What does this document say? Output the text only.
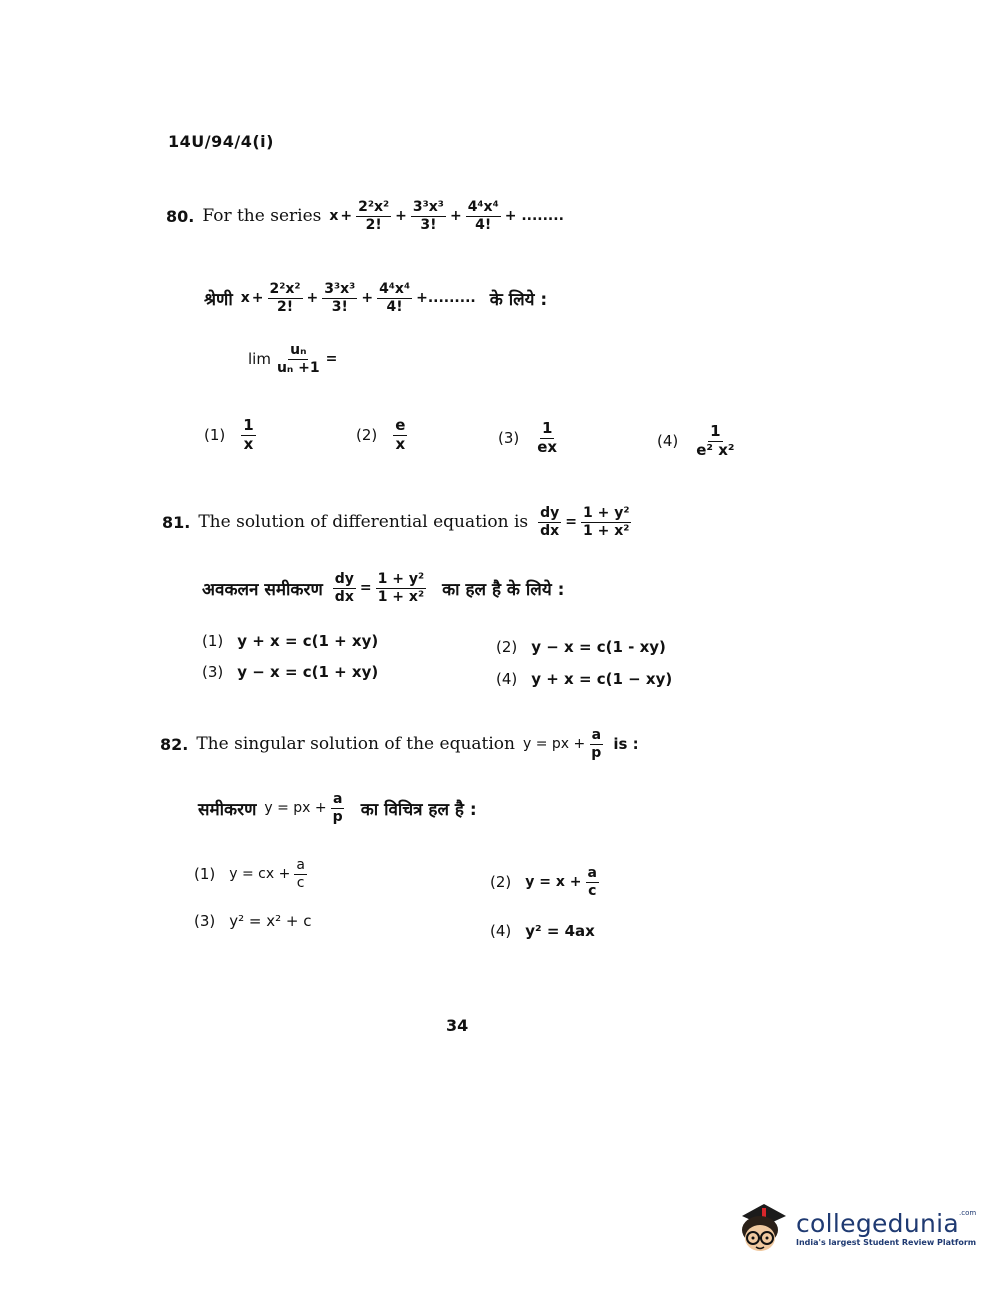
14U/94/4(i)
80. For the series $x + \frac{\text{2²x²}}{2!} + \frac{\text{3³x³}}{3!} + \frac{\text{4⁴x⁴}}{4!}$ + ........
श्रेणी $x + \frac{\text{2²x²}}{2!} + \frac{\text{3³x³}}{3!} + \frac{\text{4⁴x⁴}}{4!}$ +......... के लिये :
$\lim \frac{\text{uₙ}}{\text{uₙ +1}}$ =
$(1) \frac{1}{x}$	$(2) \frac{e}{x}$	$(3) \frac{1}{ex}$	$(4) \frac{1}{\text{e² x²}}$
81. The solution of differential equation is $\frac{dy}{dx} = \frac{\text{1 + y²}}{\text{1 + x²}}$
अवकलन समीकरण $\frac{dy}{dx} = \frac{\text{1 + y²}}{\text{1 + x²}}$ का हल है के लिये :
(1) y + x = c(1 + xy)	(2) y − x = c(1 - xy)
(3) y − x = c(1 + xy)	(4) y + x = c(1 − xy)
82. The singular solution of the equation y = px + $\frac{a}{p}$ is :
समीकरण y = px + $\frac{a}{p}$ का विचित्र हल है :
(1) y = cx + $\frac{a}{c}$	(2) $y = x + \frac{a}{c}$
(3) y² = x² + c
(4) y² = 4ax
34
collegedunia$^{.com}$
India's largest Student Review Platform
